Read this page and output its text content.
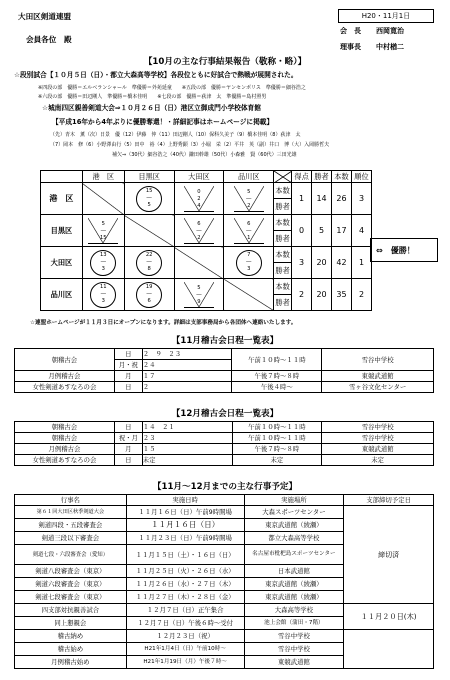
大田区剣道連盟	H20・11月1日
会員各位　殿
会　長 西岡寛治
理事長 中村楢二
【10月の主な行事結果報告（敬称・略）】
☆段別試合【１０月５日（日）・都立大森高等学校】各段位ともに好試合で熱戦が展開された。
※四段の部　優勝＝エルベランシャール　準優勝＝外苑延童　　※五段の部　優勝＝ヤンセンボリス　準優勝＝細谷浩之
※六段の部　優勝＝田辺剛人　準優勝＝橋本佳明　　※七段の部　優勝＝荻津　太　準優勝＝島村照男
☆城南四区親善剣道大会⇒１０月２６日（日）港区立御成門小学校体育館
【平成16年から4年ぶりに優勝奪還！・詳細記事はホームページに掲載】
（先）青木　薫（次）日景　優（12）伊藤　仲（11）田辺剛人（10）保科久美子（9）橋本佳明（8）荻津　太
（7）岡本　修（6）小野澤由行（5）田中　裕（4）上野秀顕（3）小堀　栄（2）平井　英（副）井口　博（大）入岡勝哲夫
補欠⇒（30代）細谷浩之（40代）鎌田幹雄（50代）小森雅　賢（60代）三田光雄
	港　区	目黒区	大田区	品川区		得点	勝者	本数	順位
港　区		15
―
5	0
2
4	5
―
2	本数	1	14	26	3
					勝者				
目黒区	5
―
15		6
―
2	6
―
1	本数	0	5	17	4
					勝者				
大田区	13
―
3	22
―
8		7
―
3	本数	3	20	42	1
					勝者				
品川区	11
―
3	19
―
6	5
―
9		本数	2	20	35	2
					勝者				
⇔　優勝！
☆連盟ホームページが１１月３日にオープンになります。詳細は支部事務局から各団体へ連絡いたします。
【11月稽古会日程一覧表】
朝稽古会	日	２　９　２３	午前１０時〜１１時	雪谷中学校
	月・祝	２４		
月例稽古会	月	１７	午後７時〜８時	東競武道館
女性剣道あすなろの会	日	２	午後４時〜	雪ヶ谷文化センター
【12月稽古会日程一覧表】
朝稽古会	日	１４　２１	午前１０時〜１１時	雪谷中学校
朝稽古会	祝・月	２３	午前１０時〜１１時	雪谷中学校
月例稽古会	月	１５	午後７時〜８時	東競武道館
女性剣道あすなろの会	日	未定	未定	未定
【11月〜12月までの主な行事予定】
行事名	実施日時	実施場所	支部締切予定日
第６１回大田区秋季剣道大会	１１月１６日（日）午前9時開場	大森スポーツセンター	締切済
剣道四段・五段審査会	１１月１６日（日）	東京武道館（綾瀬）	
剣道三段以下審査会	１１月２３日（日）午前9時開場	都立大森高等学校	
剣道七段・六段審査会（愛知）	１１月１５日（土）・１６日（日）	名古屋市枇杷島スポーツセンター	
剣道八段審査会（東京）	１１月２５日（火）・２６日（水）	日本武道館	
剣道六段審査会（東京）	１１月２６日（水）・２７日（木）	東京武道館（綾瀬）	
剣道七段審査会（東京）	１１月２７日（木）・２８日（金）	東京武道館（綾瀬）	
四支部対抗親善試合	１２月７日（日）正午集合	大森高等学校	１１月２０日(木)
同上懇親会	１２月７日（日）午後６時〜受付	池上会館（蒲田・7階）	
稽古納め	１２月２３日（祝）	雪谷中学校	
稽古始め	H21年1月4日（日）午前10時〜	雪谷中学校	
月例稽古始め	H21年1月19日（月）午後７時〜	東競武道館	
